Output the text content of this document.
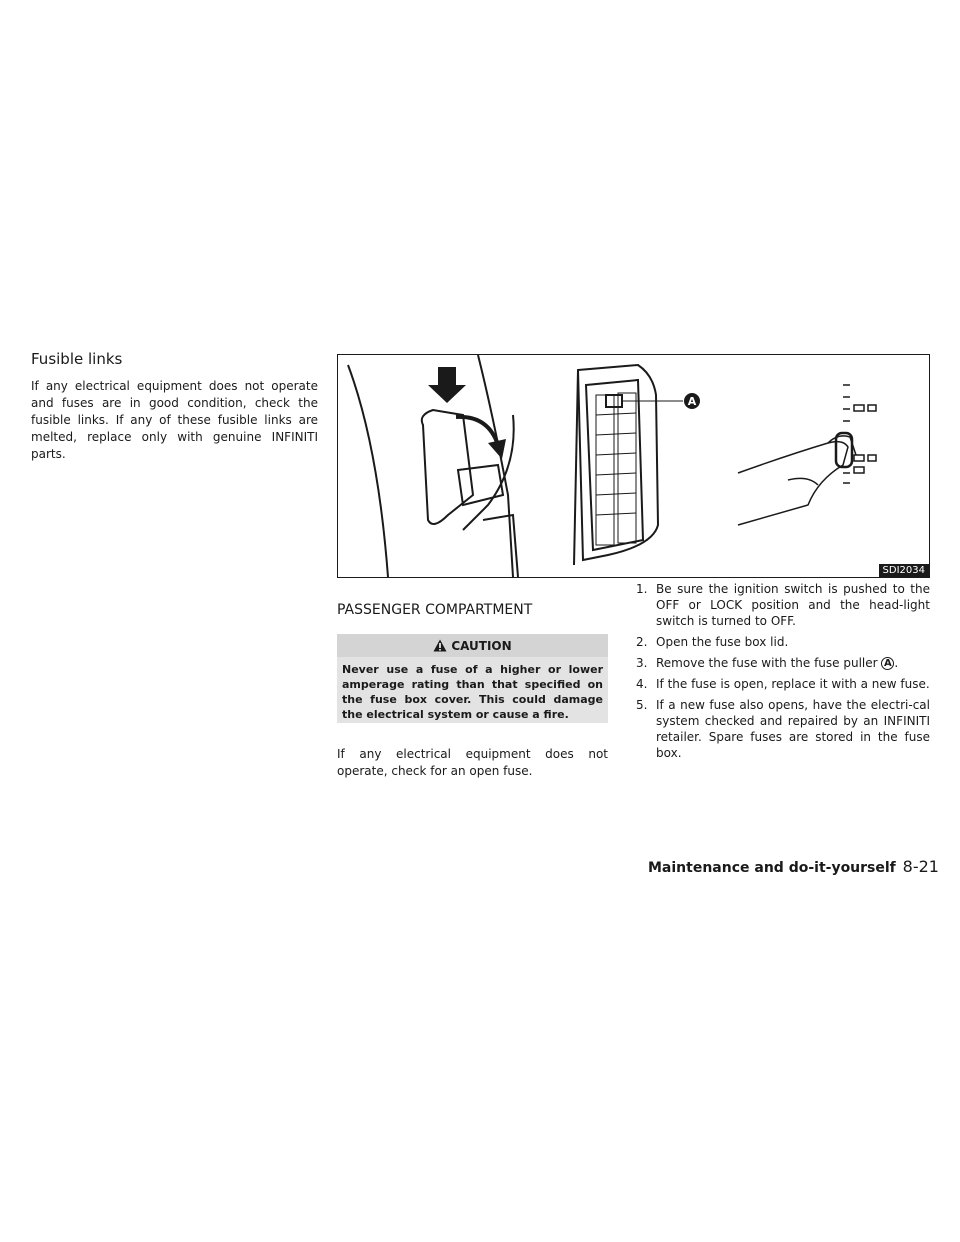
Fusible links

If any electrical equipment does not operate and fuses are in good condition, check the fusible links. If any of these fusible links are melted, replace only with genuine INFINITI parts.

A
SDI2034
PASSENGER COMPARTMENT
CAUTION
Never use a fuse of a higher or lower amperage rating than that specified on the fuse box cover. This could damage the electrical system or cause a fire.

If any electrical equipment does not operate, check for an open fuse.

1. Be sure the ignition switch is pushed to the OFF or LOCK position and the head-light switch is turned to OFF.
2. Open the fuse box lid.
3. Remove the fuse with the fuse puller A .
4. If the fuse is open, replace it with a new fuse.
5. If a new fuse also opens, have the electri-cal system checked and repaired by an INFINITI retailer. Spare fuses are stored in the fuse box.
Maintenance and do-it-yourself 8-21
